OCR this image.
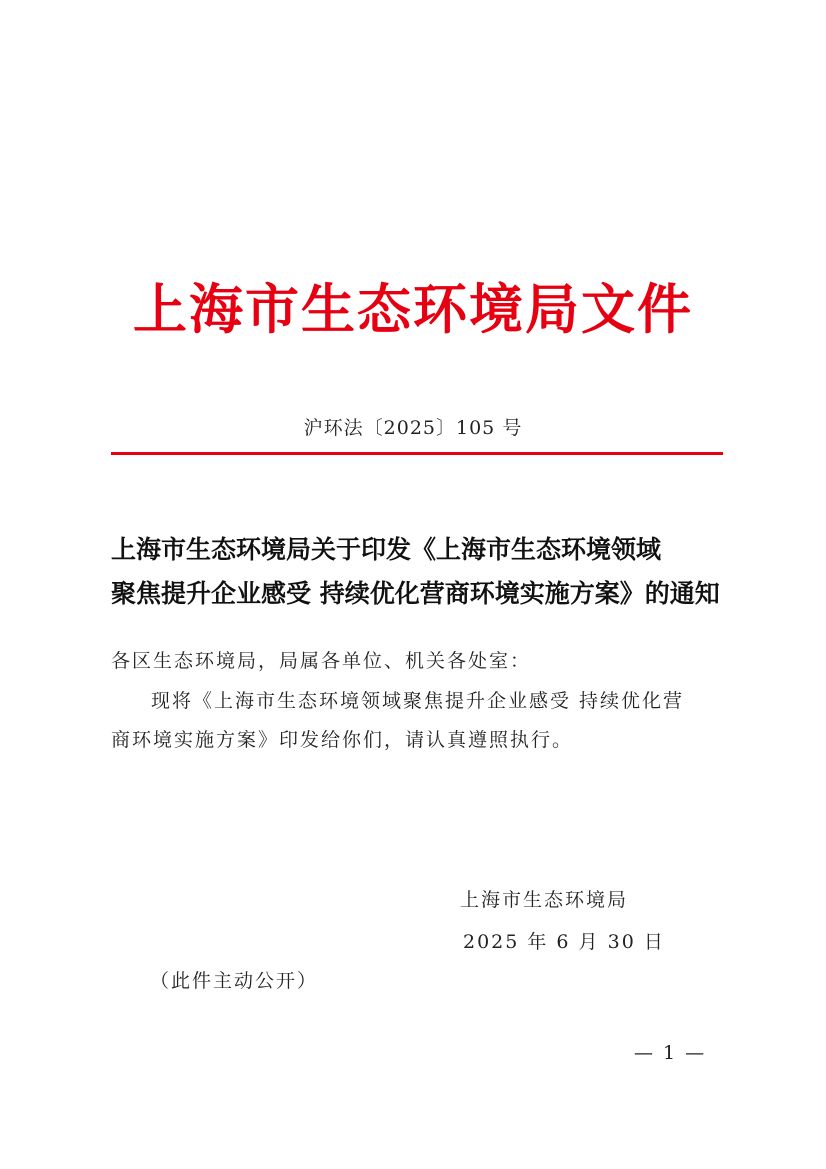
上海市生态环境局文件
沪环法〔2025〕105 号
上海市生态环境局关于印发《上海市生态环境领域
聚焦提升企业感受 持续优化营商环境实施方案》的通知
各区生态环境局，局属各单位、机关各处室：
现将《上海市生态环境领域聚焦提升企业感受 持续优化营
商环境实施方案》印发给你们，请认真遵照执行。
上海市生态环境局
2025 年 6 月 30 日
（此件主动公开）
— 1 —
